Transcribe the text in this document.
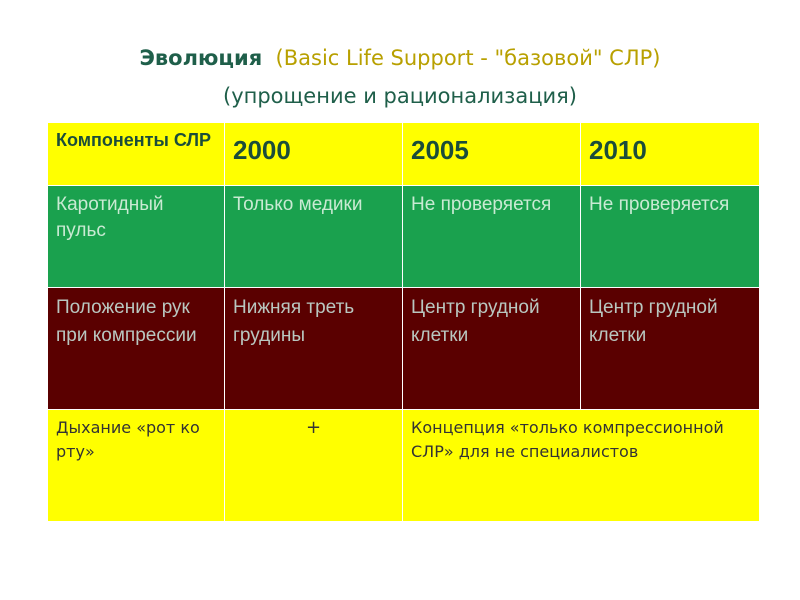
Эволюция (Basic Life Support - "базовой" СЛР)
(упрощение и рационализация)
Компоненты СЛР	2000	2005	2010
Каротидный пульс	Только медики	Не проверяется	Не проверяется
Положение рук при компрессии	Нижняя треть грудины	Центр грудной клетки	Центр грудной клетки
Дыхание «рот ко рту»	+	Концепция «только компрессионной СЛР» для не специалистов	
